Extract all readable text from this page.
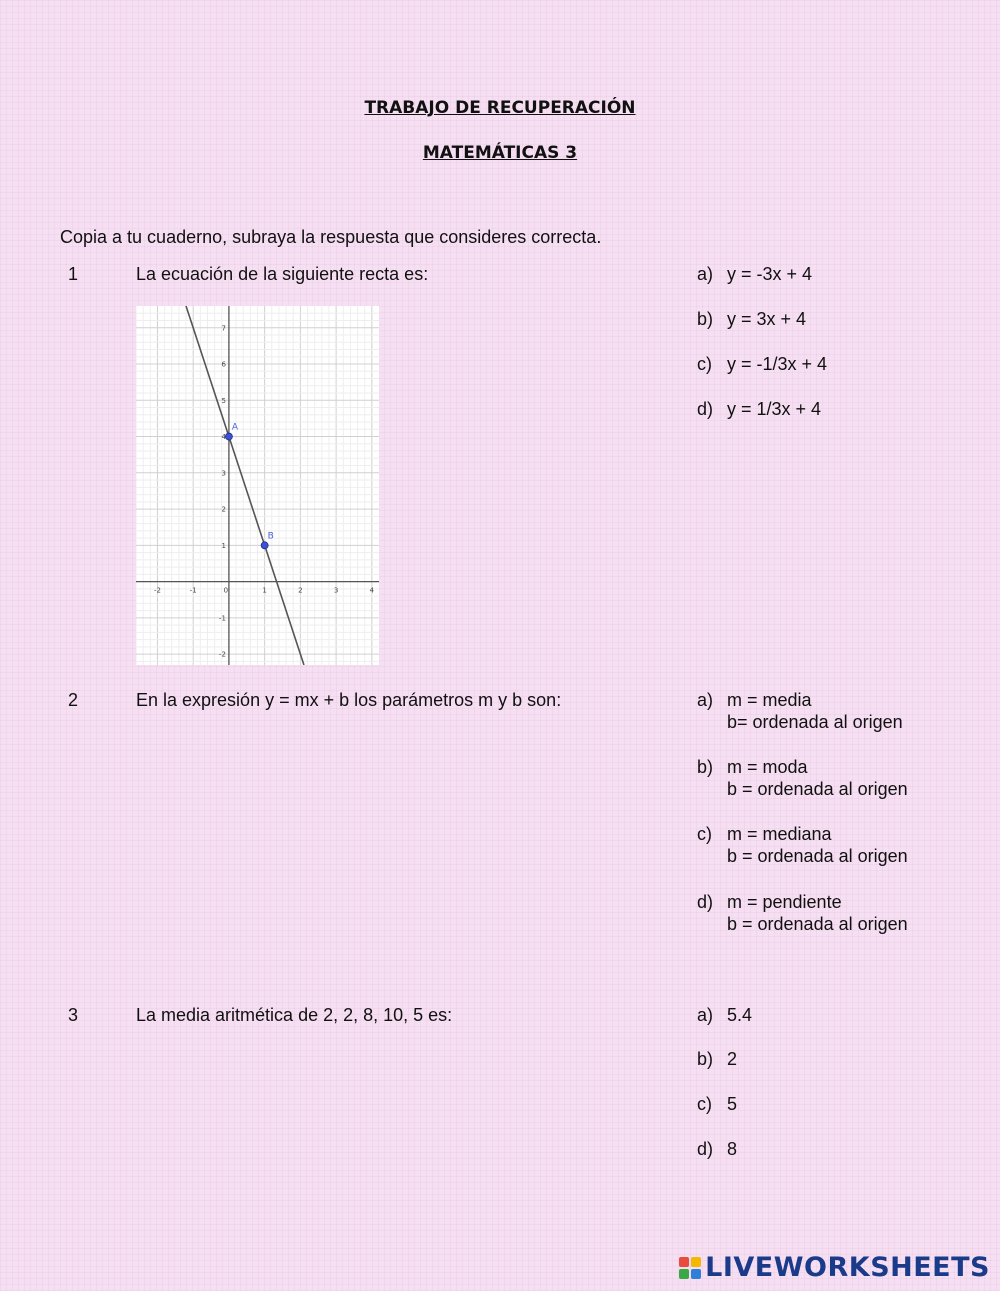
TRABAJO DE RECUPERACIÓN
MATEMÁTICAS 3
Copia a tu cuaderno, subraya la respuesta que consideres correcta.
1	La ecuación de la siguiente recta es:	a) y = -3x + 4
b) y = 3x + 4
c) y = -1/3x + 4
d) y = 1/3x + 4
-2	-1	0	1	2	3	4
-2
-1
1
2
3
4
5
6
7
A
B
2	En la expresión y = mx + b los parámetros m y b son:	a) m = media
b= ordenada al origen
b) m = moda
b = ordenada al origen
c) m = mediana
b = ordenada al origen
d) m = pendiente
b = ordenada al origen
3	La media aritmética de 2, 2, 8, 10, 5 es:	a) 5.4
b) 2
c) 5
d) 8
LIVEWORKSHEETS
